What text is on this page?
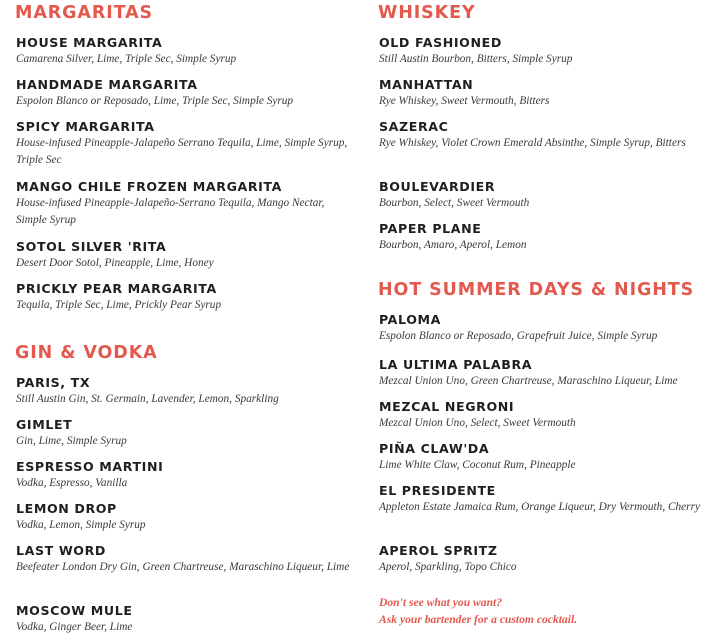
MARGARITAS
HOUSE MARGARITA
Camarena Silver, Lime, Triple Sec, Simple Syrup
HANDMADE MARGARITA
Espolon Blanco or Reposado, Lime, Triple Sec, Simple Syrup
SPICY MARGARITA
House-infused Pineapple-Jalapeño Serrano Tequila, Lime, Simple Syrup, Triple Sec
MANGO CHILE FROZEN MARGARITA
House-infused Pineapple-Jalapeño-Serrano Tequila, Mango Nectar, Simple Syrup
SOTOL SILVER 'RITA
Desert Door Sotol, Pineapple, Lime, Honey
PRICKLY PEAR MARGARITA
Tequila, Triple Sec, Lime, Prickly Pear Syrup
GIN & VODKA
PARIS, TX
Still Austin Gin, St. Germain, Lavender, Lemon, Sparkling
GIMLET
Gin, Lime, Simple Syrup
ESPRESSO MARTINI
Vodka, Espresso, Vanilla
LEMON DROP
Vodka, Lemon, Simple Syrup
LAST WORD
Beefeater London Dry Gin, Green Chartreuse, Maraschino Liqueur, Lime
MOSCOW MULE
Vodka, Ginger Beer, Lime
WHISKEY
OLD FASHIONED
Still Austin Bourbon, Bitters, Simple Syrup
MANHATTAN
Rye Whiskey, Sweet Vermouth, Bitters
SAZERAC
Rye Whiskey, Violet Crown Emerald Absinthe, Simple Syrup, Bitters
BOULEVARDIER
Bourbon, Select, Sweet Vermouth
PAPER PLANE
Bourbon, Amaro, Aperol, Lemon
HOT SUMMER DAYS & NIGHTS
PALOMA
Espolon Blanco or Reposado, Grapefruit Juice, Simple Syrup
LA ULTIMA PALABRA
Mezcal Union Uno, Green Chartreuse, Maraschino Liqueur, Lime
MEZCAL NEGRONI
Mezcal Union Uno, Select, Sweet Vermouth
PIÑA CLAW'DA
Lime White Claw, Coconut Rum, Pineapple
EL PRESIDENTE
Appleton Estate Jamaica Rum, Orange Liqueur, Dry Vermouth, Cherry
APEROL SPRITZ
Aperol, Sparkling, Topo Chico
Don't see what you want?
Ask your bartender for a custom cocktail.
